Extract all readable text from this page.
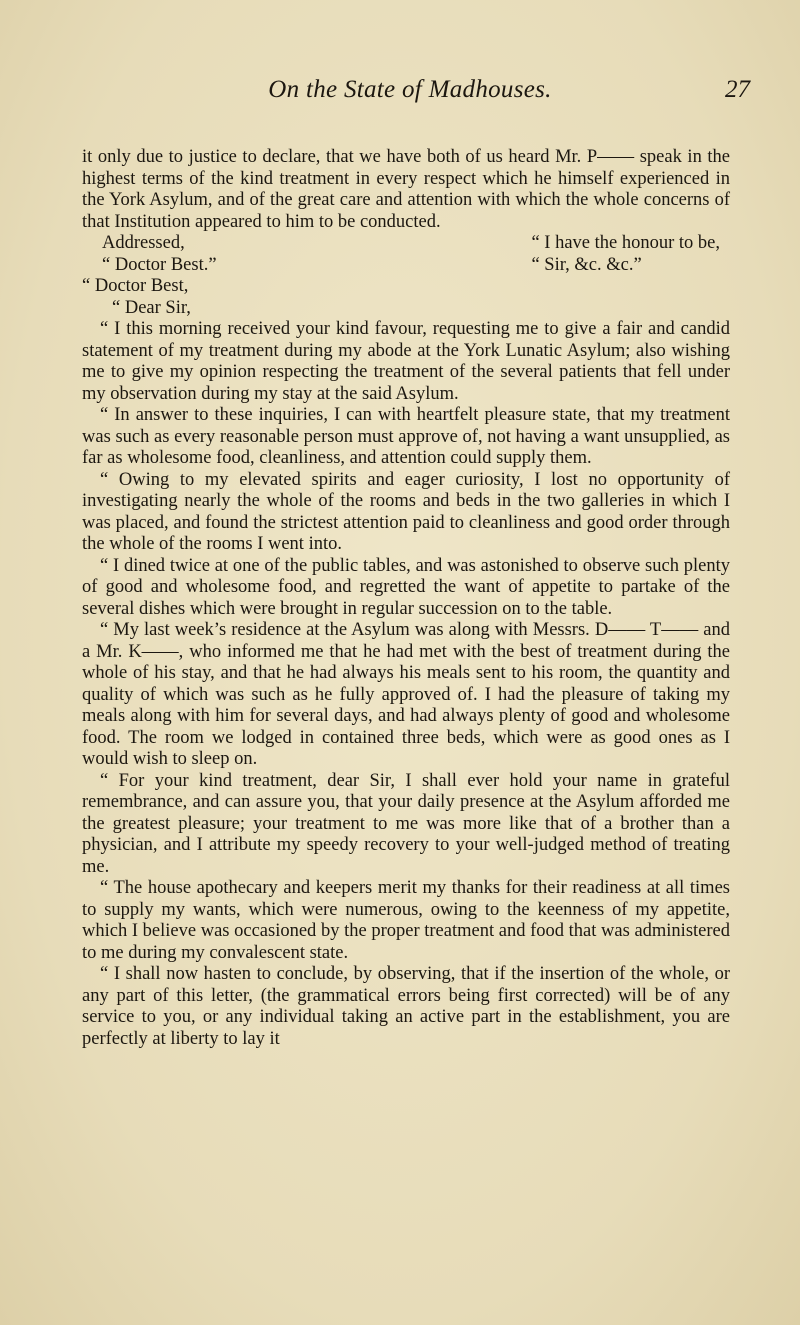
On the State of Madhouses.	27

it only due to justice to declare, that we have both of us heard Mr. P—— speak in the highest terms of the kind treatment in every respect which he himself experienced in the York Asylum, and of the great care and attention with which the whole concerns of that Institution appeared to him to be conducted.

Addressed,
“ Doctor Best.”
“ I have the honour to be,
“ Sir, &c. &c.”

“ Doctor Best,

“ Dear Sir,

“ I this morning received your kind favour, requesting me to give a fair and candid statement of my treatment during my abode at the York Lunatic Asylum; also wishing me to give my opinion respecting the treatment of the several patients that fell under my observation during my stay at the said Asylum.

“ In answer to these inquiries, I can with heartfelt pleasure state, that my treatment was such as every reasonable person must approve of, not having a want unsupplied, as far as wholesome food, cleanliness, and attention could supply them.

“ Owing to my elevated spirits and eager curiosity, I lost no opportunity of investigating nearly the whole of the rooms and beds in the two galleries in which I was placed, and found the strictest attention paid to cleanliness and good order through the whole of the rooms I went into.

“ I dined twice at one of the public tables, and was astonished to observe such plenty of good and wholesome food, and regretted the want of appetite to partake of the several dishes which were brought in regular succession on to the table.

“ My last week’s residence at the Asylum was along with Messrs. D—— T—— and a Mr. K——, who informed me that he had met with the best of treatment during the whole of his stay, and that he had always his meals sent to his room, the quantity and quality of which was such as he fully approved of. I had the pleasure of taking my meals along with him for several days, and had always plenty of good and wholesome food. The room we lodged in contained three beds, which were as good ones as I would wish to sleep on.

“ For your kind treatment, dear Sir, I shall ever hold your name in grateful remembrance, and can assure you, that your daily presence at the Asylum afforded me the greatest pleasure; your treatment to me was more like that of a brother than a physician, and I attribute my speedy recovery to your well-judged method of treating me.

“ The house apothecary and keepers merit my thanks for their readiness at all times to supply my wants, which were numerous, owing to the keenness of my appetite, which I believe was occasioned by the proper treatment and food that was administered to me during my convalescent state.

“ I shall now hasten to conclude, by observing, that if the insertion of the whole, or any part of this letter, (the grammatical errors being first corrected) will be of any service to you, or any individual taking an active part in the establishment, you are perfectly at liberty to lay it
